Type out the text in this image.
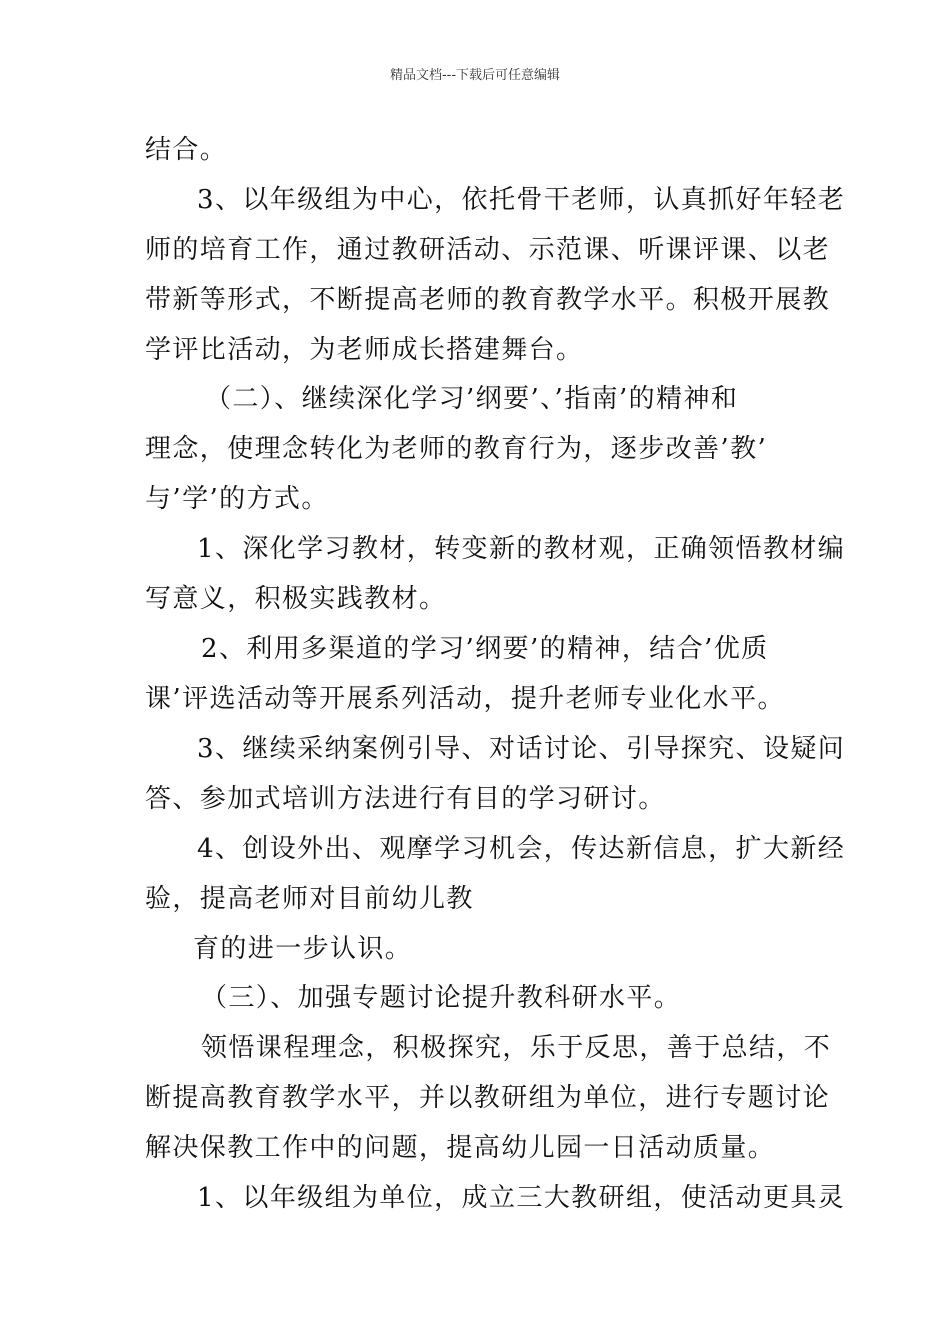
精品文档---下载后可任意编辑
结合。
3、以年级组为中心，依托骨干老师，认真抓好年轻老
师的培育工作，通过教研活动、示范课、听课评课、以老
带新等形式，不断提高老师的教育教学水平。积极开展教
学评比活动，为老师成长搭建舞台。
（二）、继续深化学习’纲要’、’指南’的精神和
理念，使理念转化为老师的教育行为，逐步改善’教’
与’学’的方式。
1、深化学习教材，转变新的教材观，正确领悟教材编
写意义，积极实践教材。
2、利用多渠道的学习’纲要’的精神，结合’优质
课’评选活动等开展系列活动，提升老师专业化水平。
3、继续采纳案例引导、对话讨论、引导探究、设疑问
答、参加式培训方法进行有目的学习研讨。
4、创设外出、观摩学习机会，传达新信息，扩大新经
验，提高老师对目前幼儿教
育的进一步认识。
（三）、加强专题讨论提升教科研水平。
领悟课程理念，积极探究，乐于反思，善于总结，不
断提高教育教学水平，并以教研组为单位，进行专题讨论
解决保教工作中的问题，提高幼儿园一日活动质量。
1、以年级组为单位，成立三大教研组，使活动更具灵
